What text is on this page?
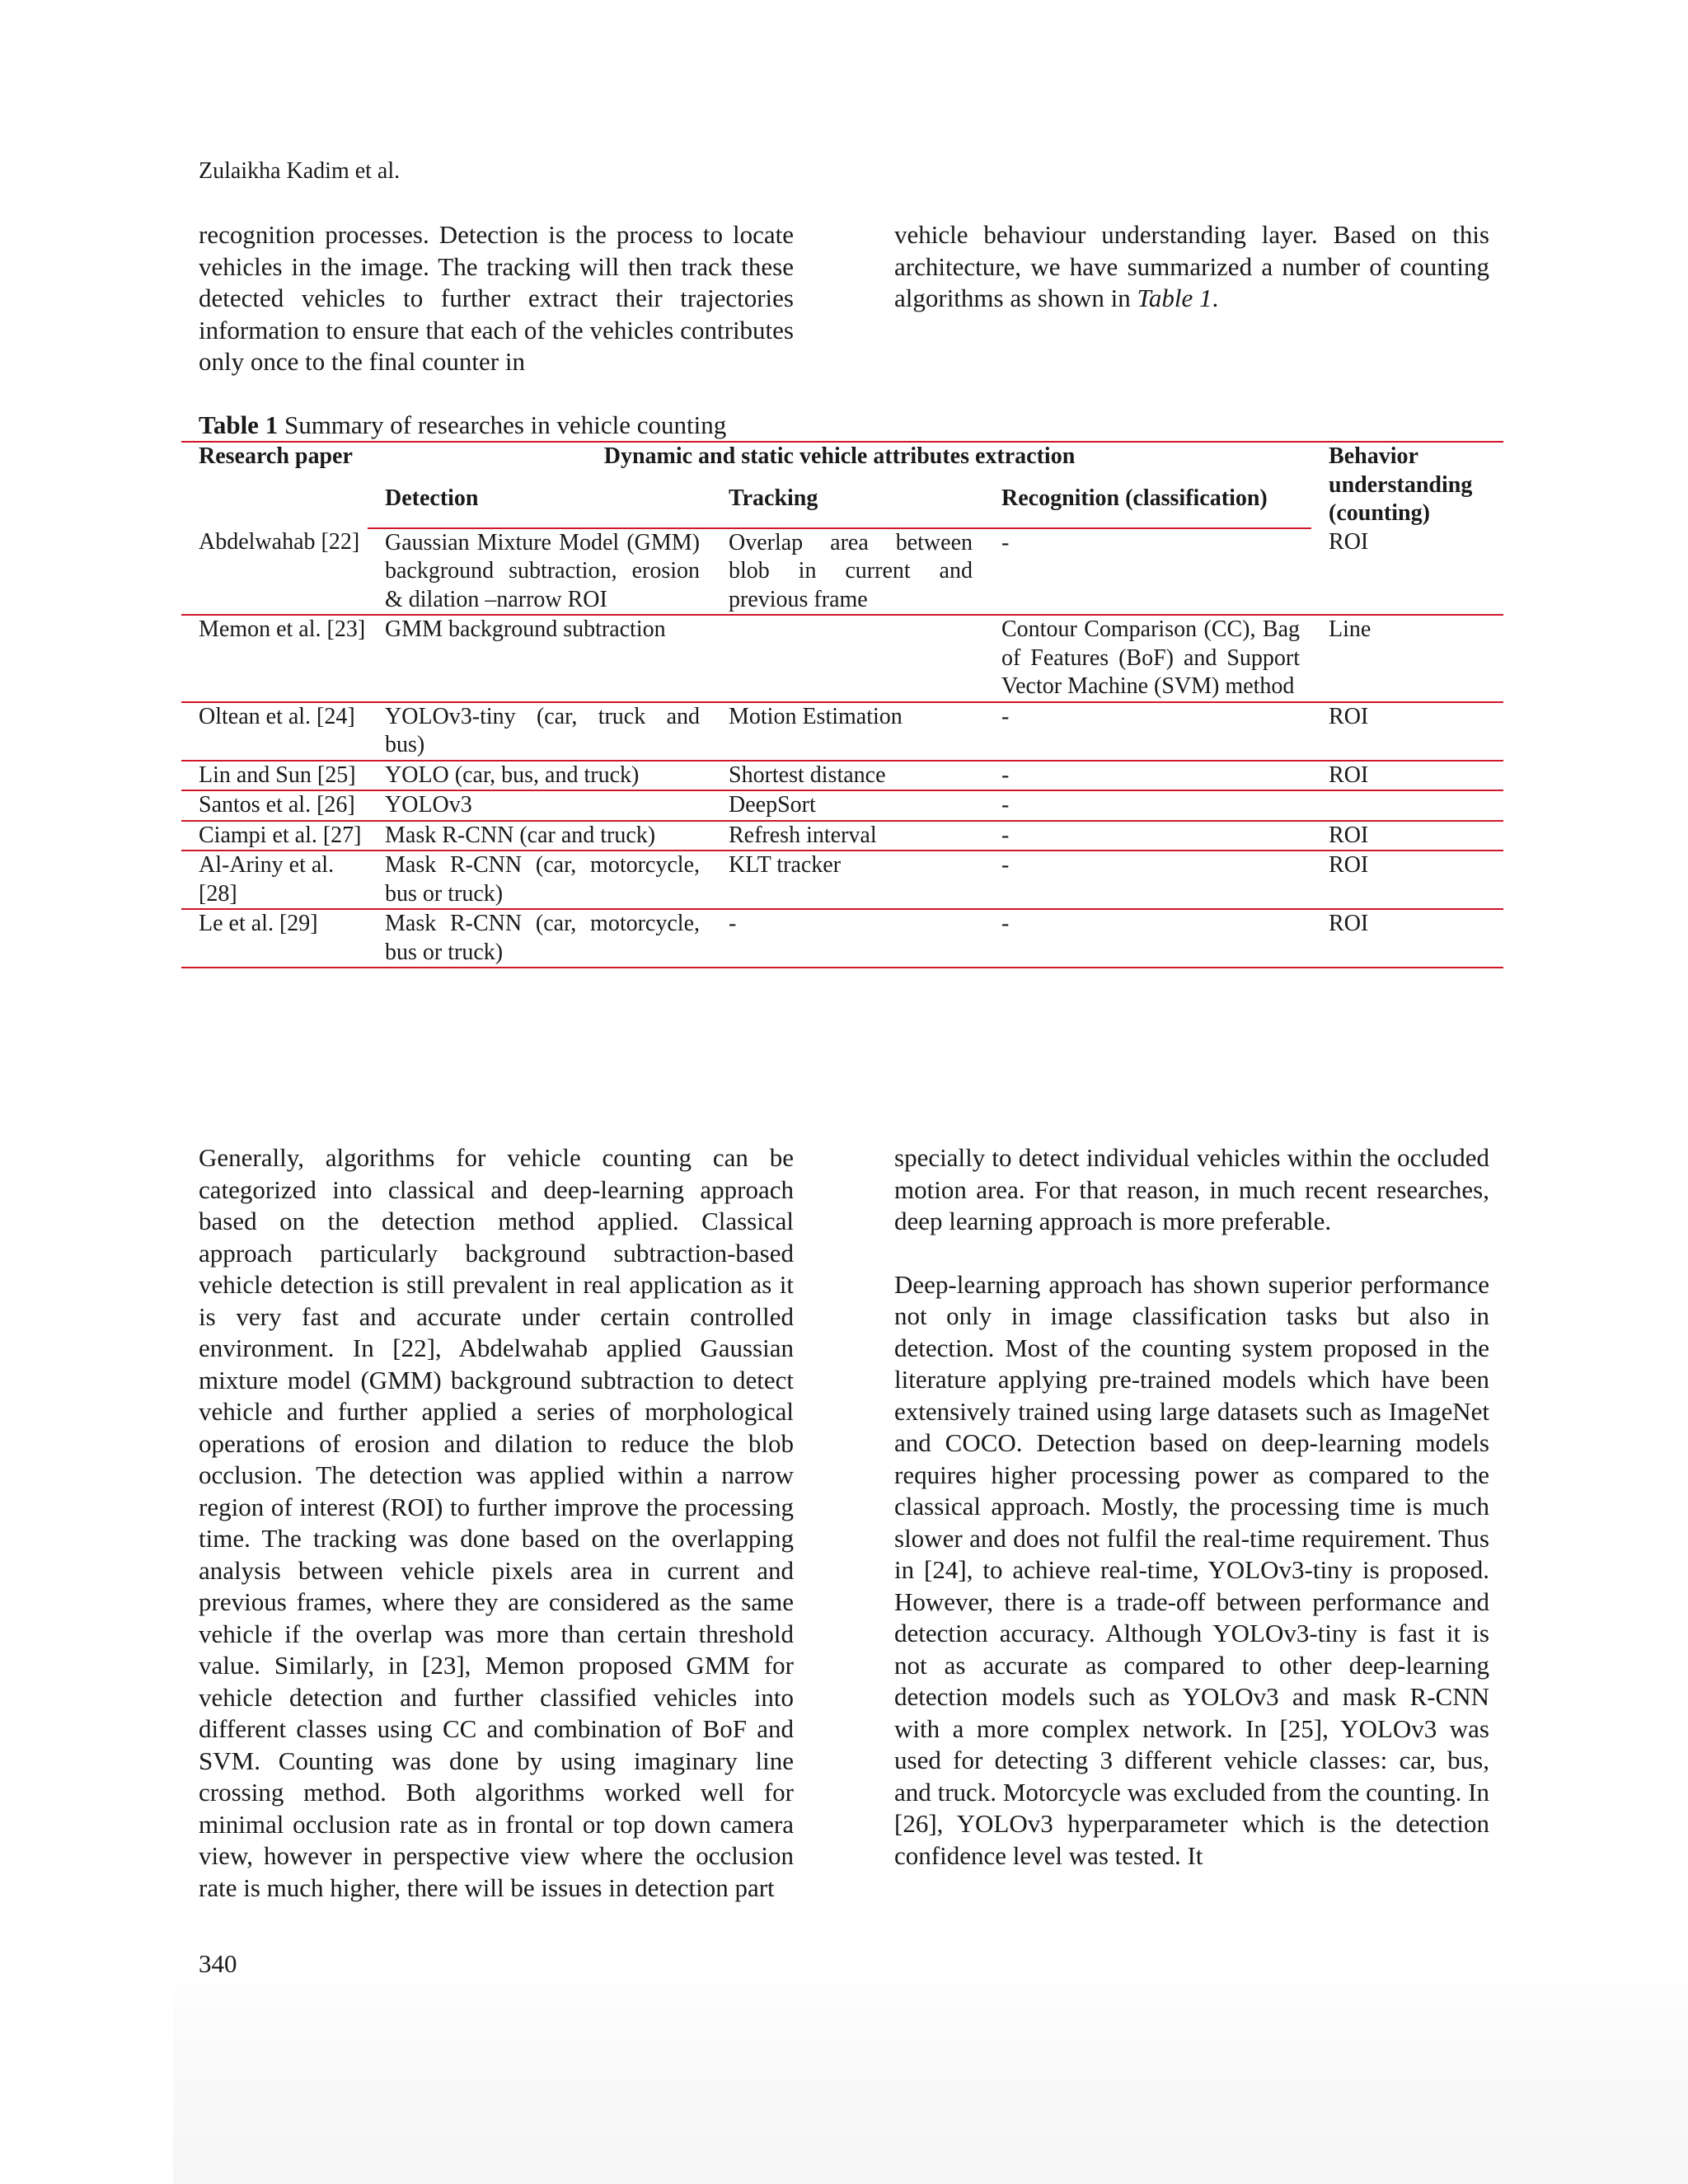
Zulaikha Kadim et al.

recognition processes. Detection is the process to locate vehicles in the image. The tracking will then track these detected vehicles to further extract their trajectories information to ensure that each of the vehicles contributes only once to the final counter in

vehicle behaviour understanding layer. Based on this architecture, we have summarized a number of counting algorithms as shown in Table 1.

Table 1 Summary of researches in vehicle counting
Research paper	Dynamic and static vehicle attributes extraction			Behavior understanding (counting)
	Detection	Tracking	Recognition (classification)	
Abdelwahab [22]	Gaussian Mixture Model (GMM) background subtraction, erosion & dilation –narrow ROI	Overlap area between blob in current and previous frame	-	ROI
Memon et al. [23]	GMM background subtraction		Contour Comparison (CC), Bag of Features (BoF) and Support Vector Machine (SVM) method	Line
Oltean et al. [24]	YOLOv3-tiny (car, truck and bus)	Motion Estimation	-	ROI
Lin and Sun [25]	YOLO (car, bus, and truck)	Shortest distance	-	ROI
Santos et al. [26]	YOLOv3	DeepSort	-	
Ciampi et al. [27]	Mask R-CNN (car and truck)	Refresh interval	-	ROI
Al-Ariny et al. [28]	Mask R-CNN (car, motorcycle, bus or truck)	KLT tracker	-	ROI
Le et al. [29]	Mask R-CNN (car, motorcycle, bus or truck)	-	-	ROI

Generally, algorithms for vehicle counting can be categorized into classical and deep-learning approach based on the detection method applied. Classical approach particularly background subtraction-based vehicle detection is still prevalent in real application as it is very fast and accurate under certain controlled environment. In [22], Abdelwahab applied Gaussian mixture model (GMM) background subtraction to detect vehicle and further applied a series of morphological operations of erosion and dilation to reduce the blob occlusion. The detection was applied within a narrow region of interest (ROI) to further improve the processing time. The tracking was done based on the overlapping analysis between vehicle pixels area in current and previous frames, where they are considered as the same vehicle if the overlap was more than certain threshold value. Similarly, in [23], Memon proposed GMM for vehicle detection and further classified vehicles into different classes using CC and combination of BoF and SVM. Counting was done by using imaginary line crossing method. Both algorithms worked well for minimal occlusion rate as in frontal or top down camera view, however in perspective view where the occlusion rate is much higher, there will be issues in detection part

specially to detect individual vehicles within the occluded motion area. For that reason, in much recent researches, deep learning approach is more preferable.

Deep-learning approach has shown superior performance not only in image classification tasks but also in detection. Most of the counting system proposed in the literature applying pre-trained models which have been extensively trained using large datasets such as ImageNet and COCO. Detection based on deep-learning models requires higher processing power as compared to the classical approach. Mostly, the processing time is much slower and does not fulfil the real-time requirement. Thus in [24], to achieve real-time, YOLOv3-tiny is proposed. However, there is a trade-off between performance and detection accuracy. Although YOLOv3-tiny is fast it is not as accurate as compared to other deep-learning detection models such as YOLOv3 and mask R-CNN with a more complex network. In [25], YOLOv3 was used for detecting 3 different vehicle classes: car, bus, and truck. Motorcycle was excluded from the counting. In [26], YOLOv3 hyperparameter which is the detection confidence level was tested. It

340
